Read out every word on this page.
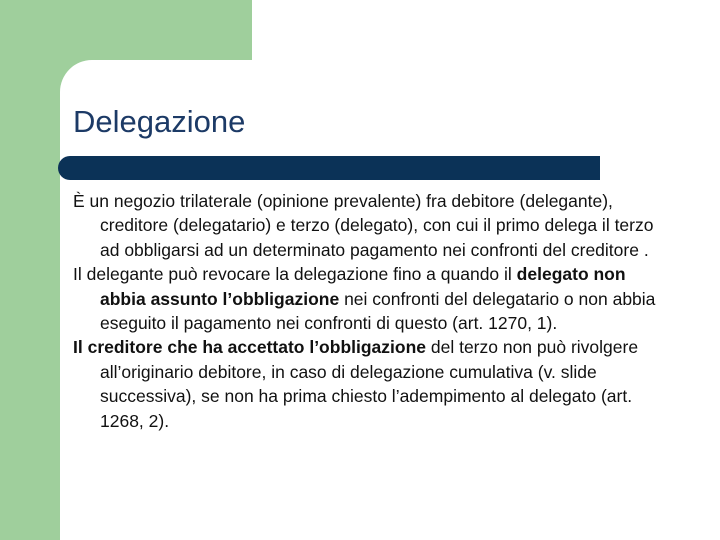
Delegazione

È un negozio trilaterale (opinione prevalente) fra debitore (delegante), creditore (delegatario) e terzo (delegato), con cui il primo delega il terzo ad obbligarsi ad un determinato pagamento nei confronti del creditore .

Il delegante può revocare la delegazione fino a quando il delegato non abbia assunto l’obbligazione nei confronti del delegatario o non abbia eseguito il pagamento nei confronti di questo (art. 1270, 1).

Il creditore che ha accettato l’obbligazione del terzo non può rivolgere all’originario debitore, in caso di delegazione cumulativa (v. slide successiva), se non ha prima chiesto l’adempimento al delegato (art. 1268, 2).
